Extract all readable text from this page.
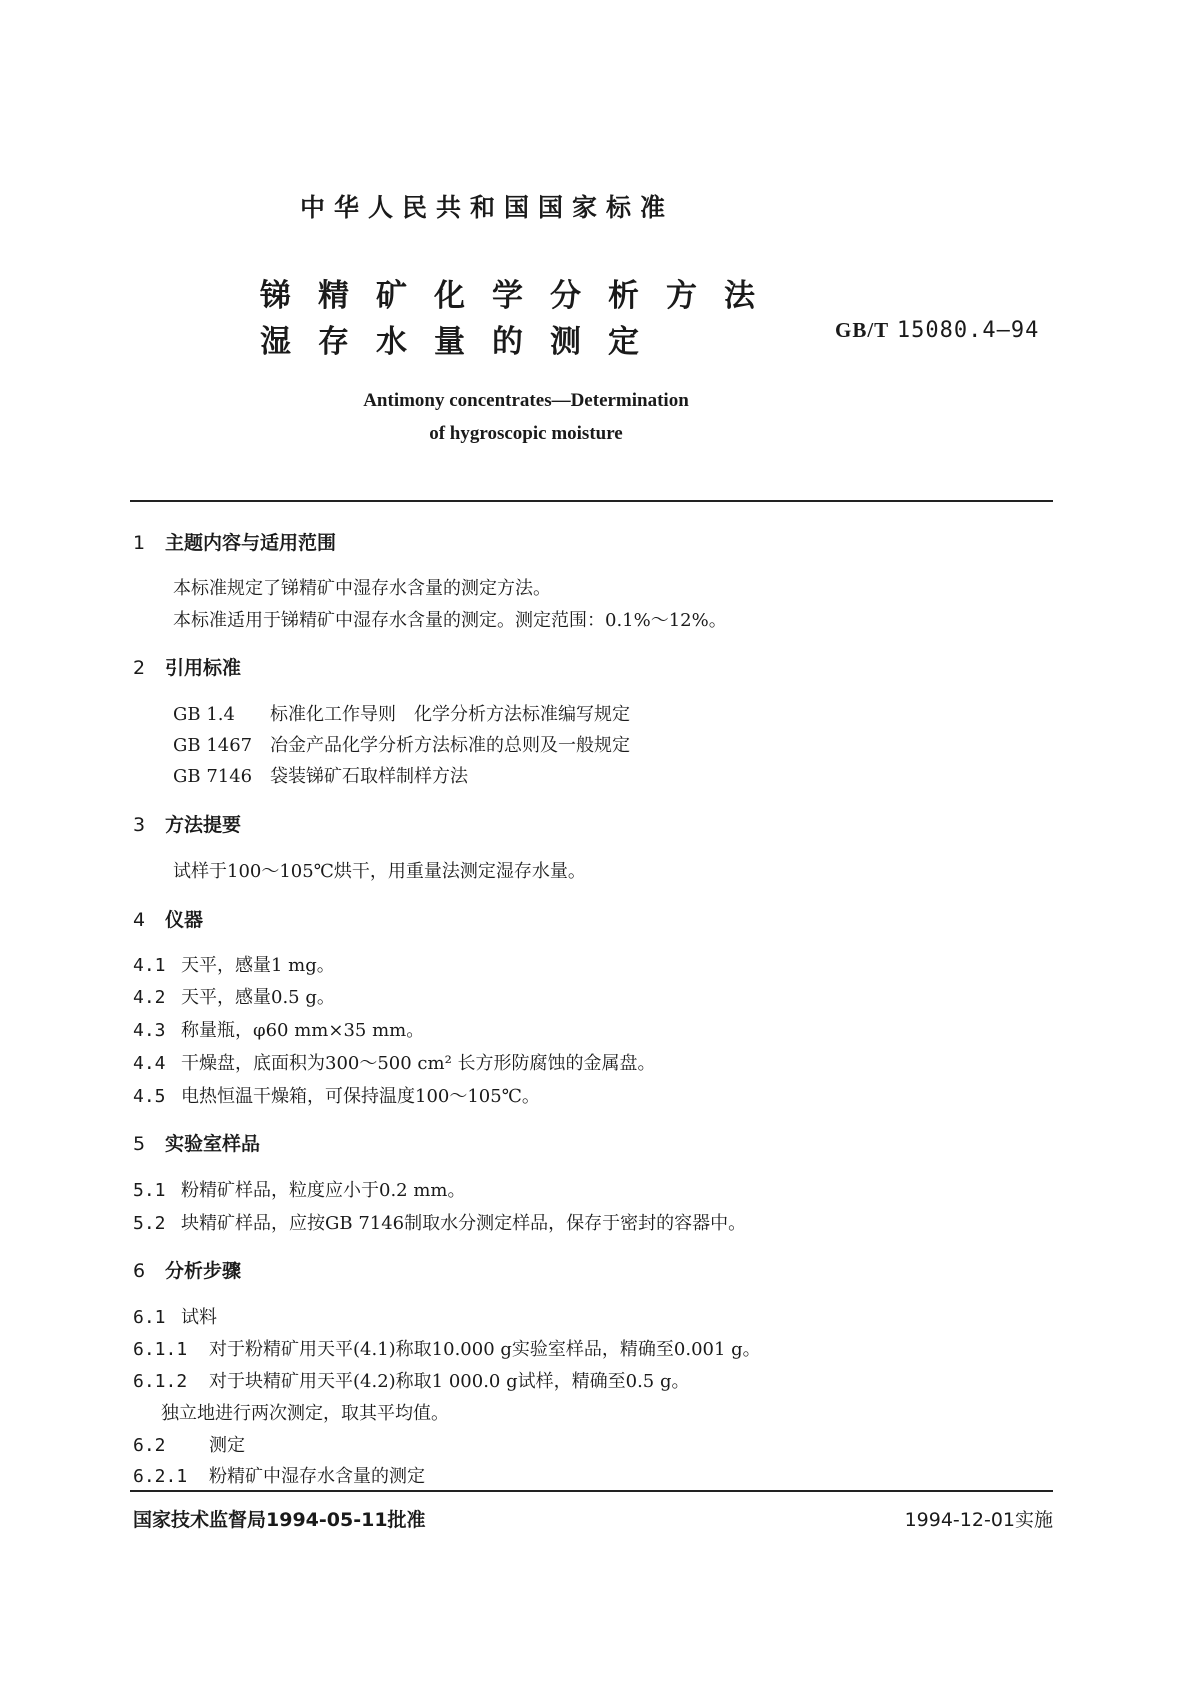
中华人民共和国国家标准
锑精矿化学分析方法
湿存水量的测定	GB/T 15080.4—94
Antimony concentrates—Determination
of hygroscopic moisture
1 主题内容与适用范围
本标准规定了锑精矿中湿存水含量的测定方法。
本标准适用于锑精矿中湿存水含量的测定。测定范围：0.1%～12%。
2 引用标准
GB 1.4 标准化工作导则　化学分析方法标准编写规定
GB 1467 冶金产品化学分析方法标准的总则及一般规定
GB 7146 袋装锑矿石取样制样方法
3 方法提要
试样于100～105℃烘干，用重量法测定湿存水量。
4 仪器
4.1 天平，感量1 mg。
4.2 天平，感量0.5 g。
4.3 称量瓶，φ60 mm×35 mm。
4.4 干燥盘，底面积为300～500 cm² 长方形防腐蚀的金属盘。
4.5 电热恒温干燥箱，可保持温度100～105℃。
5 实验室样品
5.1 粉精矿样品，粒度应小于0.2 mm。
5.2 块精矿样品，应按GB 7146制取水分测定样品，保存于密封的容器中。
6 分析步骤
6.1 试料
6.1.1 对于粉精矿用天平(4.1)称取10.000 g实验室样品，精确至0.001 g。
6.1.2 对于块精矿用天平(4.2)称取1 000.0 g试样，精确至0.5 g。
独立地进行两次测定，取其平均值。
6.2 测定
6.2.1 粉精矿中湿存水含量的测定
国家技术监督局1994-05-11批准	1994-12-01实施
